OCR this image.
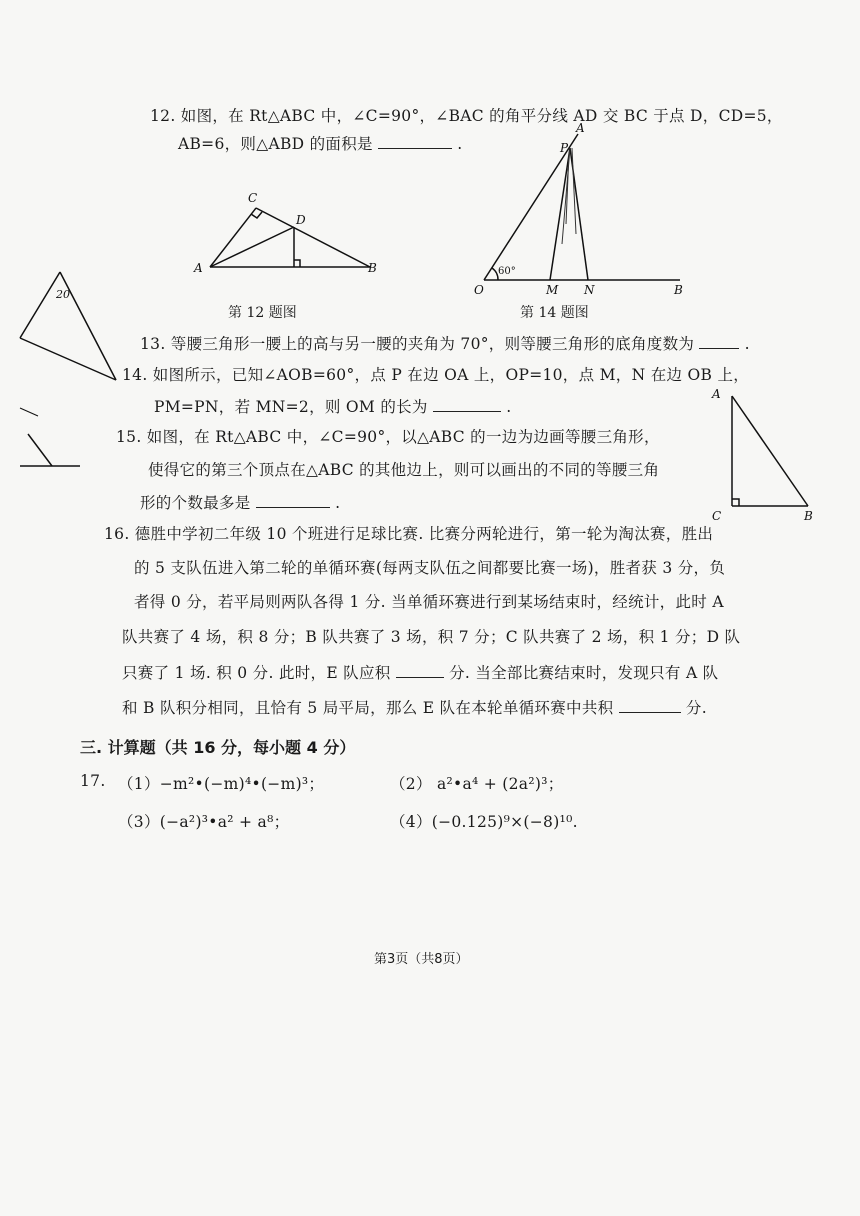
12. 如图，在 Rt△ABC 中，∠C=90°，∠BAC 的角平分线 AD 交 BC 于点 D，CD=5，
AB=6，则△ABD 的面积是	.
C
D
A	B
第 12 题图
A
P
60°
O	M N	B
第 14 题图
20
13. 等腰三角形一腰上的高与另一腰的夹角为 70°，则等腰三角形的底角度数为	.
14. 如图所示，已知∠AOB=60°，点 P 在边 OA 上，OP=10，点 M，N 在边 OB 上，
PM=PN，若 MN=2，则 OM 的长为	.
15. 如图，在 Rt△ABC 中，∠C=90°，以△ABC 的一边为边画等腰三角形，
使得它的第三个顶点在△ABC 的其他边上，则可以画出的不同的等腰三角
形的个数最多是	.
A
C	B
16. 德胜中学初二年级 10 个班进行足球比赛. 比赛分两轮进行，第一轮为淘汰赛，胜出
的 5 支队伍进入第二轮的单循环赛(每两支队伍之间都要比赛一场)，胜者获 3 分，负
者得 0 分，若平局则两队各得 1 分. 当单循环赛进行到某场结束时，经统计，此时 A
队共赛了 4 场，积 8 分；B 队共赛了 3 场，积 7 分；C 队共赛了 2 场，积 1 分；D 队
只赛了 1 场. 积 0 分. 此时，E 队应积	分. 当全部比赛结束时，发现只有 A 队
和 B 队积分相同，且恰有 5 局平局，那么 E 队在本轮单循环赛中共积	分.
三. 计算题（共 16 分，每小题 4 分）
17. （1）−m²•(−m)⁴•(−m)³；	（2） a²•a⁴ + (2a²)³；
（3）(−a²)³•a² + a⁸；	（4）(−0.125)⁹×(−8)¹⁰.
第3页（共8页）
